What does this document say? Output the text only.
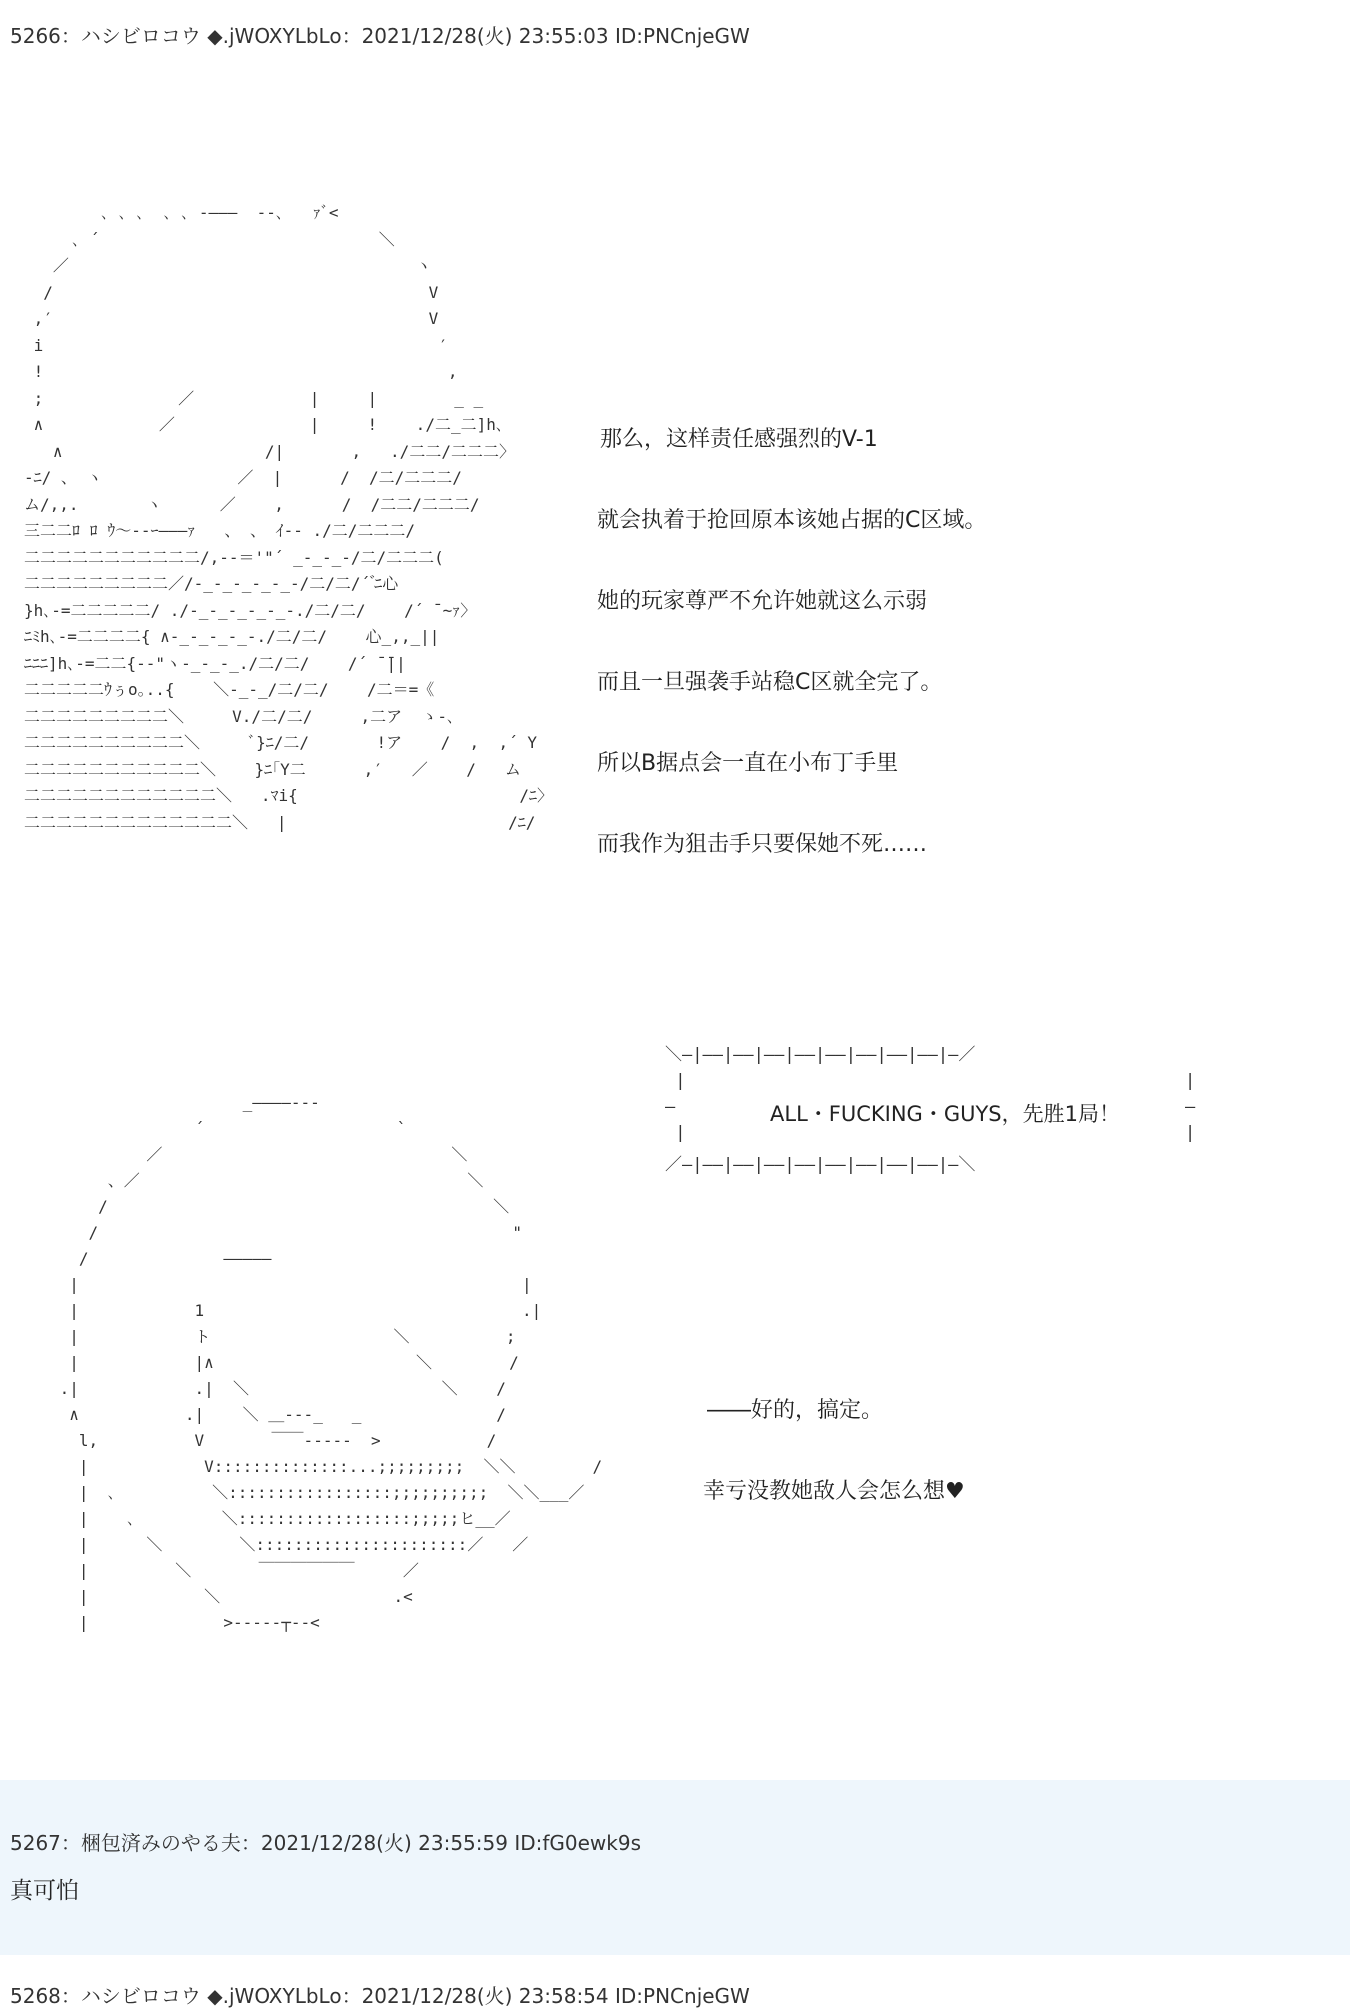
5266：ハシビロコウ ◆.jWOXYLbLo：2021/12/28(火) 23:55:03 ID:PNCnjeGW
､ ､ ､  ､ ､ ‐―――  ‐‐､   ｧﾞ<
､ ´                             ＼
／                                    ヽ
/                                       V
,′                                       V
i                                         ′
!                                          ,
;              ／            |     |        _ _
∧            ／              |     !    ./二_二]h､
∧                     /|       ,   ./二二/二二二〉
-ﾆ/ 、 ヽ              ／  |      /  /二/二二二/
ム/,,.       ヽ      ／    ,      /  /二二/二二二/
三二二ﾛ ﾛ ｳ～‐‐ｰ―――ｧ   、 、 ｲ‐‐ ./二/二二二/
二二二二二二二二二二二/,‐‐＝'"´ _-_-_-/二/二二二(
二二二二二二二二二／/-_-_-_-_-_-/二/二/´ ゙ﾆ心
}h､‐=二二二二二/ ./-_-_-_-_-_-./二/二/    /´ ̄ ~ｧ〉
ﾆﾐh､‐=二二二二{ ∧-_-_-_-_-./二/二/    心_,,_||
ﾆﾆﾆ]h､‐=二二{‐‐"ヽ-_-_-_./二/二/    /´ ̄ ̄||
二二二二二ｳぅo｡..{    ＼-_-_/二/二/    /二＝=《
二二二二二二二二二＼     V./二/二/     ,二ア  ゝ-､
二二二二二二二二二二＼     ﾞ}ﾆ/二/       !ア    /  ,  ,´ Y
二二二二二二二二二二二＼    }ﾆ｢Y二      ,′   ／    /   ム
二二二二二二二二二二二二＼   .ﾏi{                       /ﾆ〉
二二二二二二二二二二二二二＼   |                       /ﾆ/

那么，这样责任感强烈的V-1

就会执着于抢回原本该她占据的C区域。

她的玩家尊严不允许她就这么示弱

而且一旦强袭手站稳C区就全完了。

所以B据点会一直在小布丁手里

而我作为狙击手只要保她不死……

＼―|――|――|――|――|――|――|――|――|―／
|
―
|
|
―
|
／―|――|――|――|――|――|――|――|――|―＼
ALL・FUCKING・GUYS，先胜1局！
_――――‐‐‐
´                    `
／                              ＼
、／                                  ＼
/                                        ＼
/                                           "
/              ―――――
|                                              |
|            1                                 .|
|            ト                   ＼          ;
|            |∧                     ＼        /
.|            .|  ＼                    ＼    /
∧           .|    ＼ ＿‐‐‐_   _              /
l,          V       ￣￣‐‐‐‐‐  >           /
|            V::::::::::::::...;;;;;;;;;  ＼＼        /
|  ､          ＼:::::::::::::::::;;;;;;;;;;  ＼＼___／
|    ､         ＼::::::::::::::::::;;;;;ヒ__／
|      ＼        ＼::::::::::::::::::::::／   ／
|         ＼       ￣￣￣￣￣￣     ／
|            ＼                  .<
|              >‐‐‐‐‐┬‐‐<

――好的，搞定。

幸亏没教她敌人会怎么想♥

5267：梱包済みのやる夫：2021/12/28(火) 23:55:59 ID:fG0ewk9s
真可怕
5268：ハシビロコウ ◆.jWOXYLbLo：2021/12/28(火) 23:58:54 ID:PNCnjeGW
